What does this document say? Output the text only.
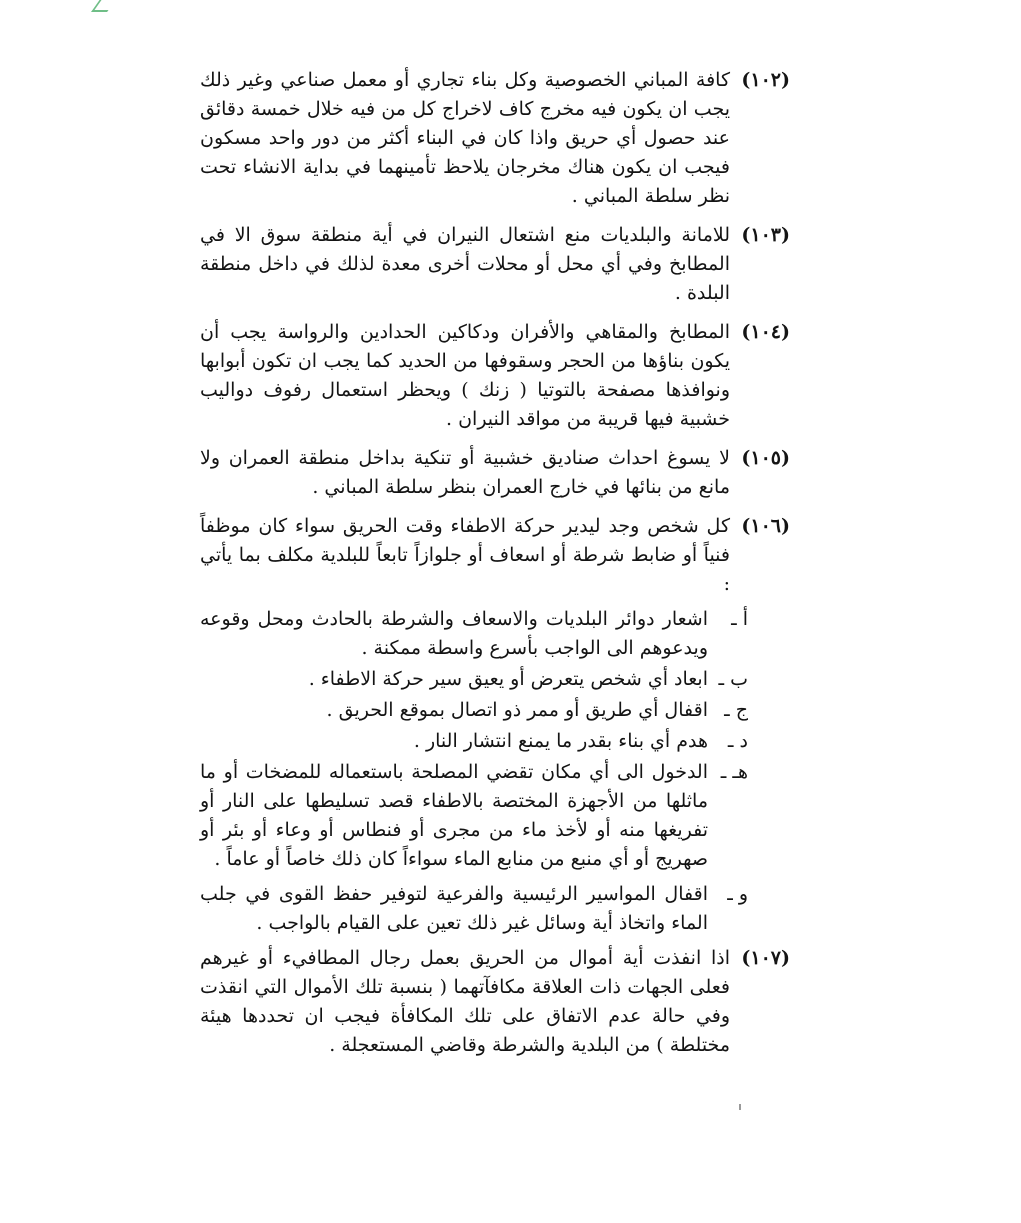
(١٠٢)
كافة المباني الخصوصية وكل بناء تجاري أو معمل صناعي وغير ذلك يجب ان يكون فيه مخرج كاف لاخراج كل من فيه خلال خمسة دقائق عند حصول أي حريق واذا كان في البناء أكثر من دور واحد مسكون فيجب ان يكون هناك مخرجان يلاحظ تأمينهما في بداية الانشاء تحت نظر سلطة المباني .
(١٠٣)
للامانة والبلديات منع اشتعال النيران في أية منطقة سوق الا في المطابخ وفي أي محل أو محلات أخرى معدة لذلك في داخل منطقة البلدة .
(١٠٤)
المطابخ والمقاهي والأفران ودكاكين الحدادين والرواسة يجب أن يكون بناؤها من الحجر وسقوفها من الحديد كما يجب ان تكون أبوابها ونوافذها مصفحة بالتوتيا ( زنك ) ويحظر استعمال رفوف دواليب خشبية فيها قريبة من مواقد النيران .
(١٠٥)
لا يسوغ احداث صناديق خشبية أو تنكية بداخل منطقة العمران ولا مانع من بنائها في خارج العمران بنظر سلطة المباني .
(١٠٦)
كل شخص وجد ليدير حركة الاطفاء وقت الحريق سواء كان موظفاً فنياً أو ضابط شرطة أو اسعاف أو جلوازاً تابعاً للبلدية مكلف بما يأتي :
أ ـ
اشعار دوائر البلديات والاسعاف والشرطة بالحادث ومحل وقوعه ويدعوهم الى الواجب بأسرع واسطة ممكنة .
ب ـ
ابعاد أي شخص يتعرض أو يعيق سير حركة الاطفاء .
ج ـ
اقفال أي طريق أو ممر ذو اتصال بموقع الحريق .
د ـ
هدم أي بناء بقدر ما يمنع انتشار النار .
هـ ـ
الدخول الى أي مكان تقضي المصلحة باستعماله للمضخات أو ما ماثلها من الأجهزة المختصة بالاطفاء قصد تسليطها على النار أو تفريغها منه أو لأخذ ماء من مجرى أو فنطاس أو وعاء أو بئر أو صهريج أو أي منبع من منابع الماء سواءاً كان ذلك خاصاً أو عاماً .
و ـ
اقفال المواسير الرئيسية والفرعية لتوفير حفظ القوى في جلب الماء واتخاذ أية وسائل غير ذلك تعين على القيام بالواجب .
(١٠٧)
اذا انفذت أية أموال من الحريق بعمل رجال المطافيء أو غيرهم فعلى الجهات ذات العلاقة مكافآتهما ( بنسبة تلك الأموال التي انقذت وفي حالة عدم الاتفاق على تلك المكافأة فيجب ان تحددها هيئة مختلطة ) من البلدية والشرطة وقاضي المستعجلة .
